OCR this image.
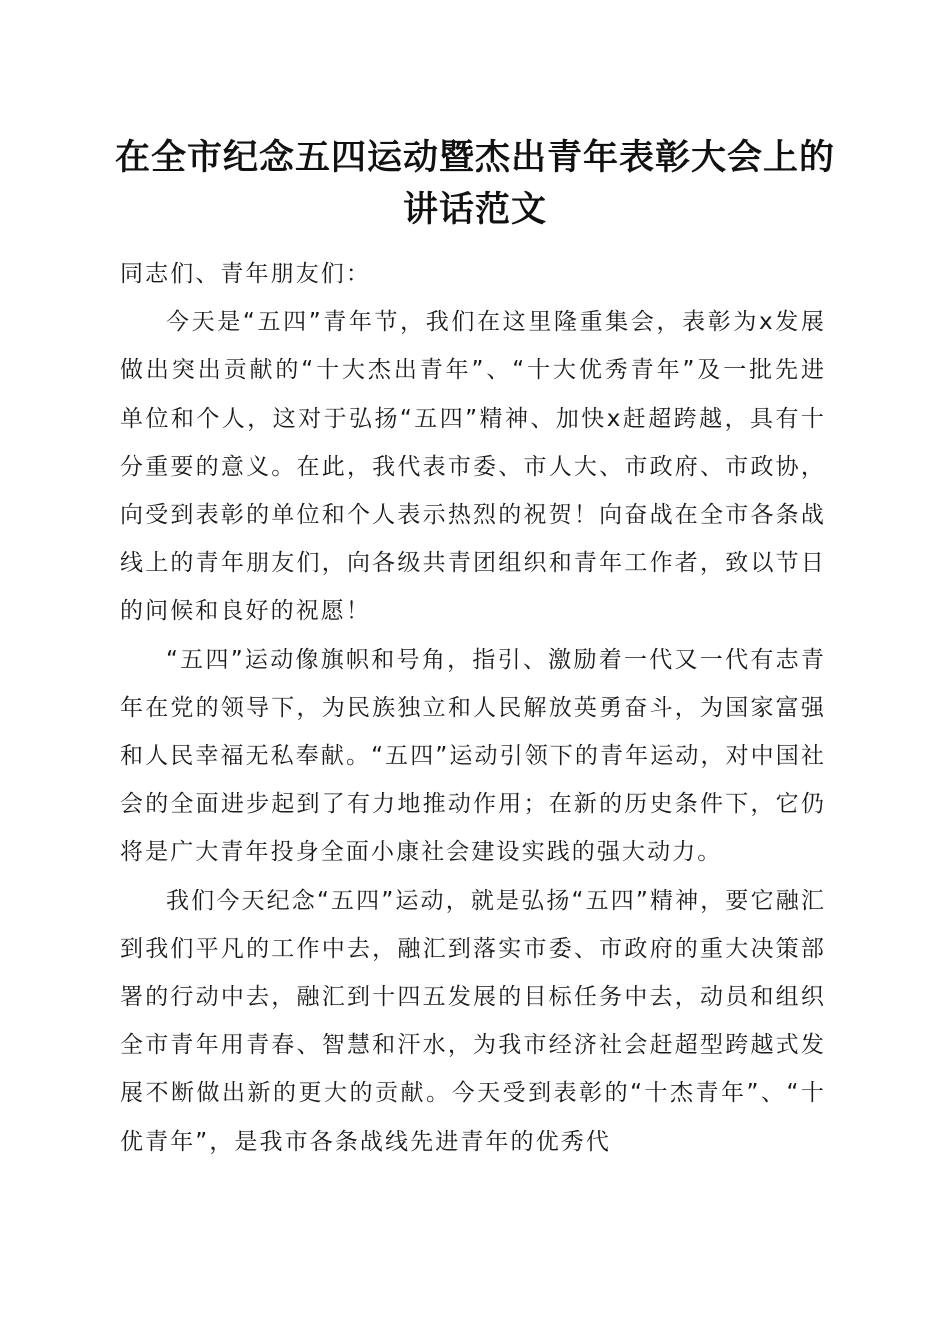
在全市纪念五四运动暨杰出青年表彰大会上的
讲话范文

同志们、青年朋友们：

今天是“五四”青年节，我们在这里隆重集会，表彰为x发展做出突出贡献的“十大杰出青年”、“十大优秀青年”及一批先进单位和个人，这对于弘扬“五四”精神、加快x赶超跨越，具有十分重要的意义。在此，我代表市委、市人大、市政府、市政协，向受到表彰的单位和个人表示热烈的祝贺！向奋战在全市各条战线上的青年朋友们，向各级共青团组织和青年工作者，致以节日的问候和良好的祝愿！

“五四”运动像旗帜和号角，指引、激励着一代又一代有志青年在党的领导下，为民族独立和人民解放英勇奋斗，为国家富强和人民幸福无私奉献。“五四”运动引领下的青年运动，对中国社会的全面进步起到了有力地推动作用；在新的历史条件下，它仍将是广大青年投身全面小康社会建设实践的强大动力。

我们今天纪念“五四”运动，就是弘扬“五四”精神，要它融汇到我们平凡的工作中去，融汇到落实市委、市政府的重大决策部署的行动中去，融汇到十四五发展的目标任务中去，动员和组织全市青年用青春、智慧和汗水，为我市经济社会赶超型跨越式发展不断做出新的更大的贡献。今天受到表彰的“十杰青年”、“十优青年”，是我市各条战线先进青年的优秀代
